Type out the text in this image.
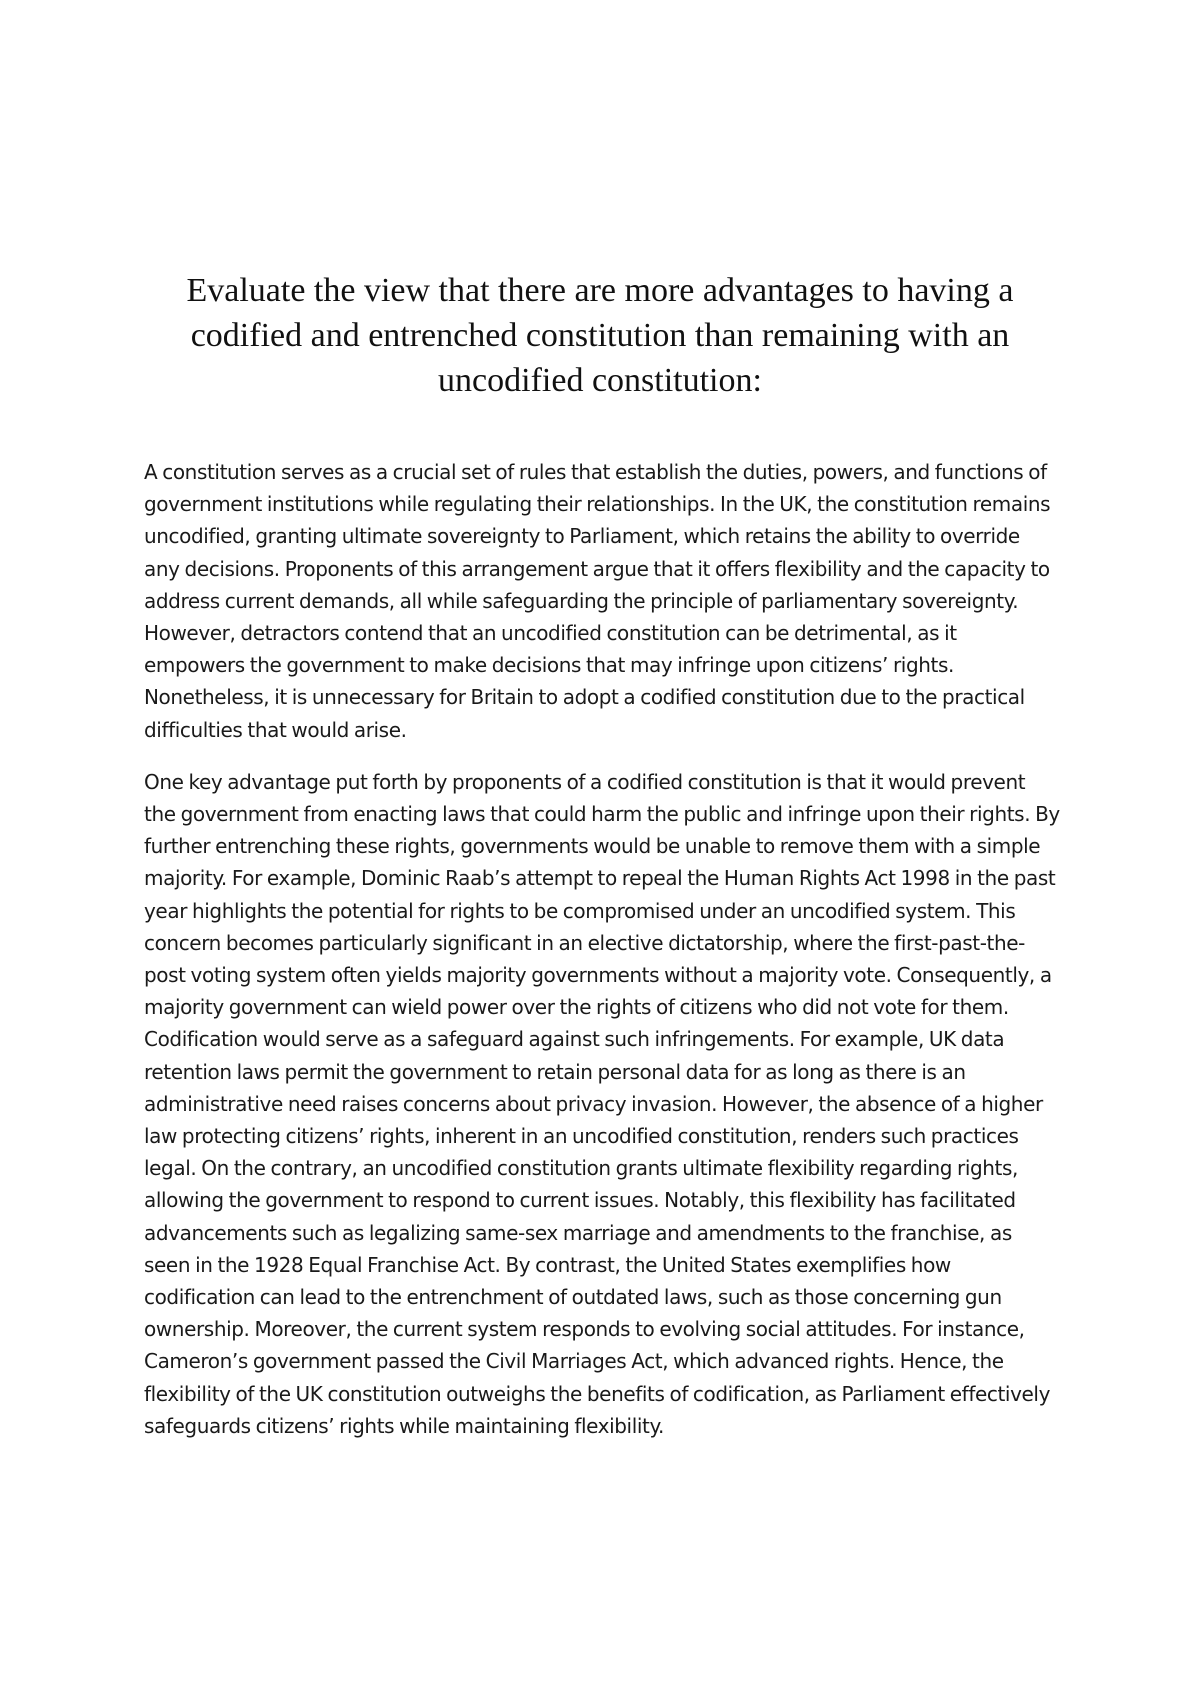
Evaluate the view that there are more advantages to having a codified and entrenched constitution than remaining with an uncodified constitution:

A constitution serves as a crucial set of rules that establish the duties, powers, and functions of government institutions while regulating their relationships. In the UK, the constitution remains uncodified, granting ultimate sovereignty to Parliament, which retains the ability to override any decisions. Proponents of this arrangement argue that it offers flexibility and the capacity to address current demands, all while safeguarding the principle of parliamentary sovereignty. However, detractors contend that an uncodified constitution can be detrimental, as it empowers the government to make decisions that may infringe upon citizens’ rights. Nonetheless, it is unnecessary for Britain to adopt a codified constitution due to the practical difficulties that would arise.

One key advantage put forth by proponents of a codified constitution is that it would prevent the government from enacting laws that could harm the public and infringe upon their rights. By further entrenching these rights, governments would be unable to remove them with a simple majority. For example, Dominic Raab’s attempt to repeal the Human Rights Act 1998 in the past year highlights the potential for rights to be compromised under an uncodified system. This concern becomes particularly significant in an elective dictatorship, where the first-past-the-post voting system often yields majority governments without a majority vote. Consequently, a majority government can wield power over the rights of citizens who did not vote for them. Codification would serve as a safeguard against such infringements. For example, UK data retention laws permit the government to retain personal data for as long as there is an administrative need raises concerns about privacy invasion. However, the absence of a higher law protecting citizens’ rights, inherent in an uncodified constitution, renders such practices legal. On the contrary, an uncodified constitution grants ultimate flexibility regarding rights, allowing the government to respond to current issues. Notably, this flexibility has facilitated advancements such as legalizing same-sex marriage and amendments to the franchise, as seen in the 1928 Equal Franchise Act. By contrast, the United States exemplifies how codification can lead to the entrenchment of outdated laws, such as those concerning gun ownership. Moreover, the current system responds to evolving social attitudes. For instance, Cameron’s government passed the Civil Marriages Act, which advanced rights. Hence, the flexibility of the UK constitution outweighs the benefits of codification, as Parliament effectively safeguards citizens’ rights while maintaining flexibility.
